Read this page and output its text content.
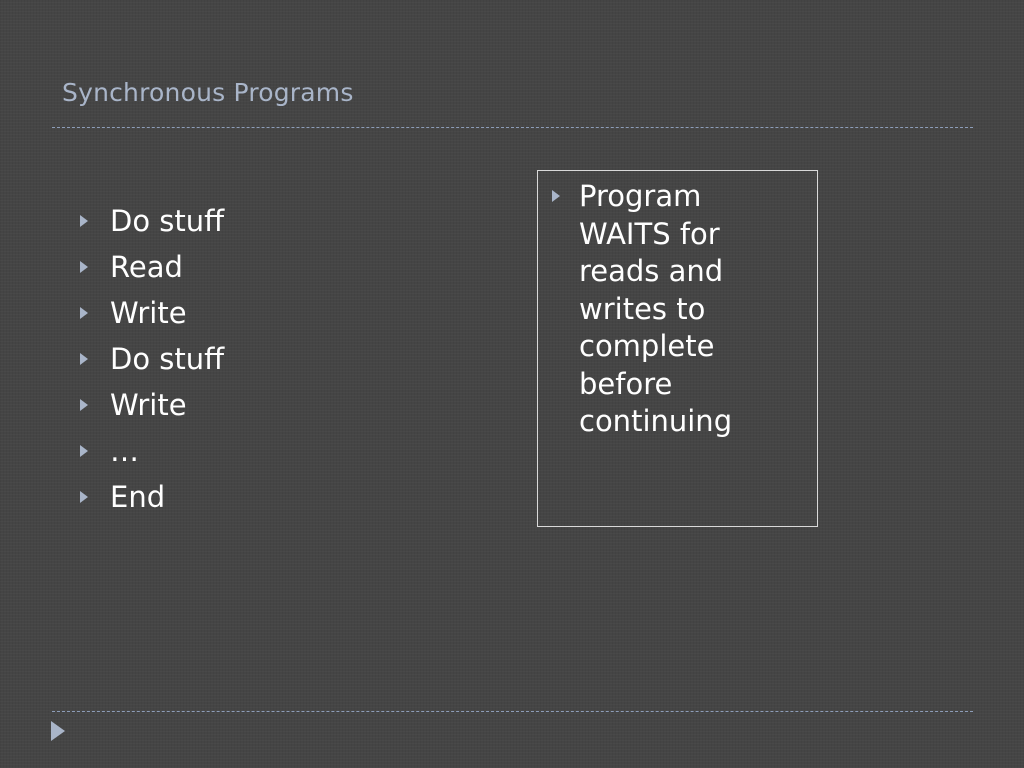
Synchronous Programs
Do stuff
Read
Write
Do stuff
Write
…
End
Program WAITS for reads and writes to complete before continuing
